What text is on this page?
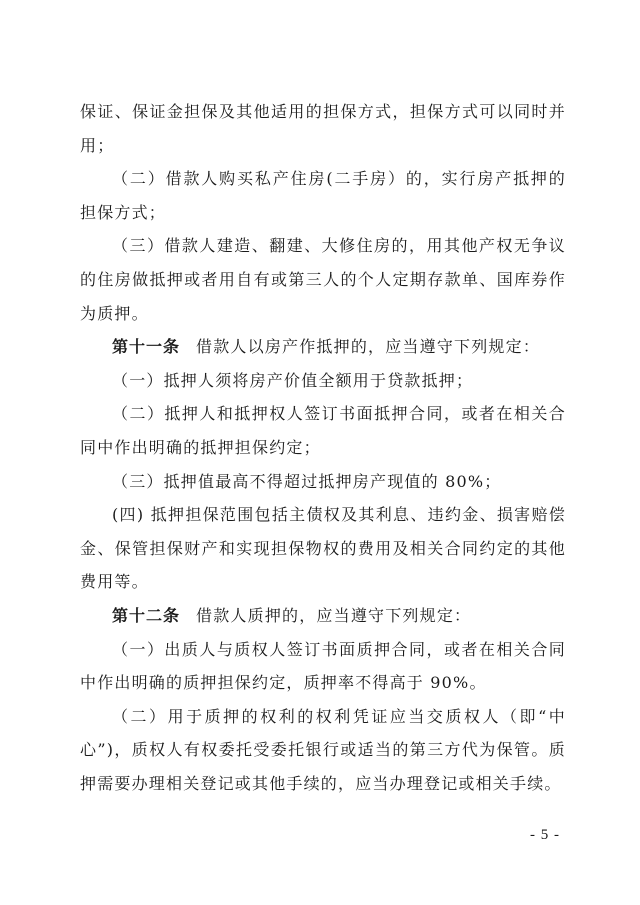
保证、保证金担保及其他适用的担保方式，担保方式可以同时并用；

（二）借款人购买私产住房(二手房）的，实行房产抵押的担保方式；

（三）借款人建造、翻建、大修住房的，用其他产权无争议的住房做抵押或者用自有或第三人的个人定期存款单、国库券作为质押。

第十一条 借款人以房产作抵押的，应当遵守下列规定：

（一）抵押人须将房产价值全额用于贷款抵押；

（二）抵押人和抵押权人签订书面抵押合同，或者在相关合同中作出明确的抵押担保约定；

（三）抵押值最高不得超过抵押房产现值的 80%；

(四) 抵押担保范围包括主债权及其利息、违约金、损害赔偿金、保管担保财产和实现担保物权的费用及相关合同约定的其他费用等。

第十二条 借款人质押的，应当遵守下列规定：

（一）出质人与质权人签订书面质押合同，或者在相关合同中作出明确的质押担保约定，质押率不得高于 90%。

（二）用于质押的权利的权利凭证应当交质权人（即“中心”)，质权人有权委托受委托银行或适当的第三方代为保管。质押需要办理相关登记或其他手续的，应当办理登记或相关手续。

- 5 -
